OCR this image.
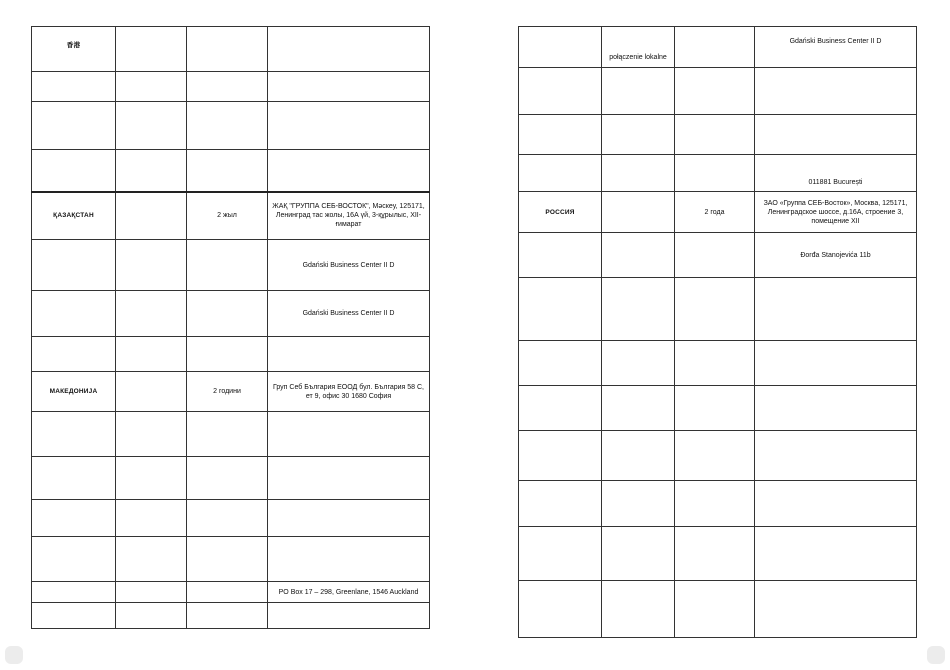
香港			

ҚАЗАҚСТАН		2 жыл	ЖАҚ "ГРУППА СЕБ-ВОСТОК", Мәскеу, 125171, Ленинград тас жолы, 16А үй, 3-құрылыс, XII-ғимарат
			Gdański Business Center II D
			Gdański Business Center II D

МАКЕДОНИЈА		2 години	Груп Себ България ЕООД бул. България 58 С, ет 9, офис 30 1680 София

			PO Box 17 – 298, Greenlane, 1546 Auckland

	połączenie lokalne		Gdański Business Center II D

			011881 București
РОССИЯ		2 года	ЗАО «Группа СЕБ-Восток», Москва, 125171, Ленинградское шоссе, д.16А, строение 3, помещение XII
			Đorđa Stanojevića 11b
